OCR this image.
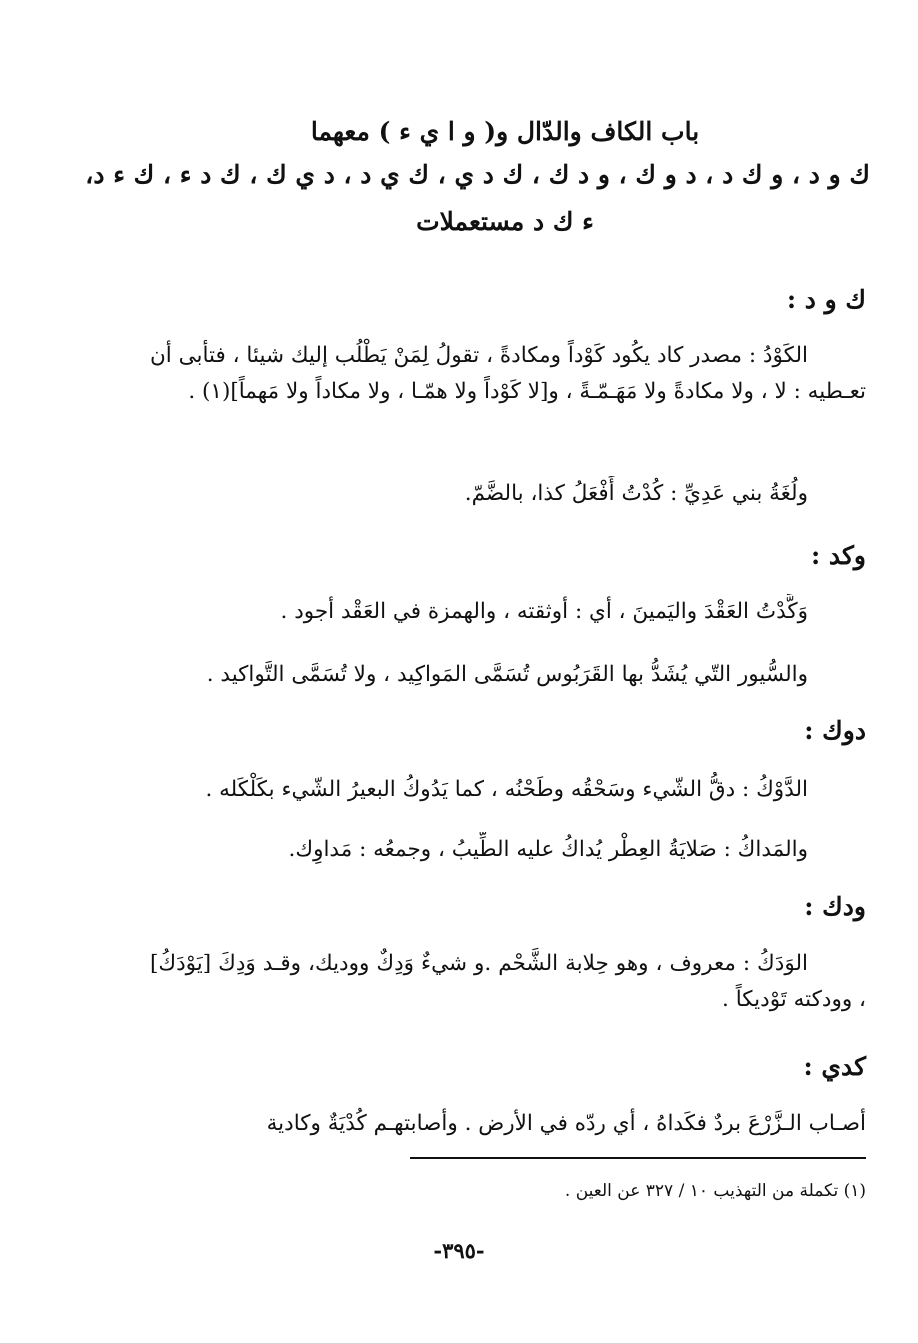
باب الكاف والدّال و( و ا ي ء ) معهما
ك و د ، و ك د ، د و ك ، و د ك ، ك د ي ، ك ي د ، د ي ك ، ك د ء ، ك ء د،
ء ك د مستعملات
ك و د :
الكَوْدُ : مصدر كاد يكُود كَوْداً ومكادةً ، تقولُ لِمَنْ يَطْلُب إليك شيئا ، فتأبى أن تعـطيه : لا ، ولا مكادةً ولا مَهَـمّـةً ، و[لا كَوْداً ولا همّـا ، ولا مكاداً ولا مَهماً](١) .
ولُغَةُ بني عَدِيِّ : كُدْتُ أَفْعَلُ كذا، بالضَّمّ.
وكد :
وَكَّدْتُ العَقْدَ واليَمينَ ، أي : أوثقته ، والهمزة في العَقْد أجود .
والسُّيور التّي يُشَدُّ بها القَرَبُوس تُسَمَّى المَواكِيد ، ولا تُسَمَّى التَّواكيد .
دوك :
الدَّوْكُ : دقُّ الشّيء وسَحْقُه وطَحْنُه ، كما يَدُوكُ البعيرُ الشّيء بكَلْكَله .
والمَداكُ : صَلايَةُ العِطْر يُداكُ عليه الطِّيبُ ، وجمعُه : مَداوِك.
ودك :
الوَدَكُ : معروف ، وهو حِلابة الشَّحْم .و شيءٌ وَدِكٌ ووديك، وقـد وَدِكَ [يَوْدَكُ] ، وودكته تَوْديكاً .
كدي :
أصـاب الـزَّرْعَ بردٌ فكَداهُ ، أي ردّه في الأرض . وأصابتهـم كُدْيَةٌ وكادية
(١) تكملة من التهذيب ١٠ / ٣٢٧ عن العين .
-٣٩٥-
